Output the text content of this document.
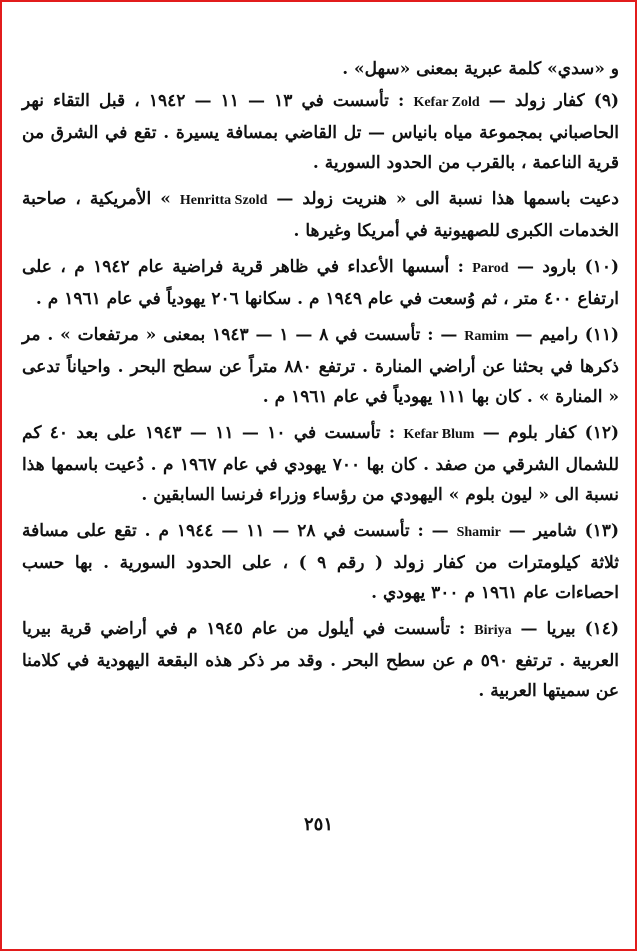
و «سدي» كلمة عبرية بمعنى «سهل» .

(٩) كفار زولد — Kefar Zold : تأسست في ١٣ — ١١ — ١٩٤٢ ، قبل التقاء نهر الحاصباني بمجموعة مياه بانياس — تل القاضي بمسافة يسيرة . تقع في الشرق من قرية الناعمة ، بالقرب من الحدود السورية .

دعيت باسمها هذا نسبة الى « هنريت زولد — Henritta Szold » الأمريكية ، صاحبة الخدمات الكبرى للصهيونية في أمريكا وغيرها .

(١٠) بارود — Parod : أسسها الأعداء في ظاهر قرية فراضية عام ١٩٤٢ م ، على ارتفاع ٤٠٠ متر ، ثم وُسعت في عام ١٩٤٩ م . سكانها ٢٠٦ يهودياً في عام ١٩٦١ م .

(١١) راميم — Ramim — : تأسست في ٨ — ١ — ١٩٤٣ بمعنى « مرتفعات » . مر ذكرها في بحثنا عن أراضي المنارة . ترتفع ٨٨٠ متراً عن سطح البحر . واحياناً تدعى « المنارة » . كان بها ١١١ يهودياً في عام ١٩٦١ م .

(١٢) كفار بلوم — Kefar Blum : تأسست في ١٠ — ١١ — ١٩٤٣ على بعد ٤٠ كم للشمال الشرقي من صفد . كان بها ٧٠٠ يهودي في عام ١٩٦٧ م . دُعيت باسمها هذا نسبة الى « ليون بلوم » اليهودي من رؤساء وزراء فرنسا السابقين .

(١٣) شامير — Shamir — : تأسست في ٢٨ — ١١ — ١٩٤٤ م . تقع على مسافة ثلاثة كيلومترات من كفار زولد ( رقم ٩ ) ، على الحدود السورية . بها حسب احصاءات عام ١٩٦١ م ٣٠٠ يهودي .

(١٤) بيريا — Biriya : تأسست في أيلول من عام ١٩٤٥ م في أراضي قرية بيريا العربية . ترتفع ٥٩٠ م عن سطح البحر . وقد مر ذكر هذه البقعة اليهودية في كلامنا عن سميتها العربية .

٢٥١
